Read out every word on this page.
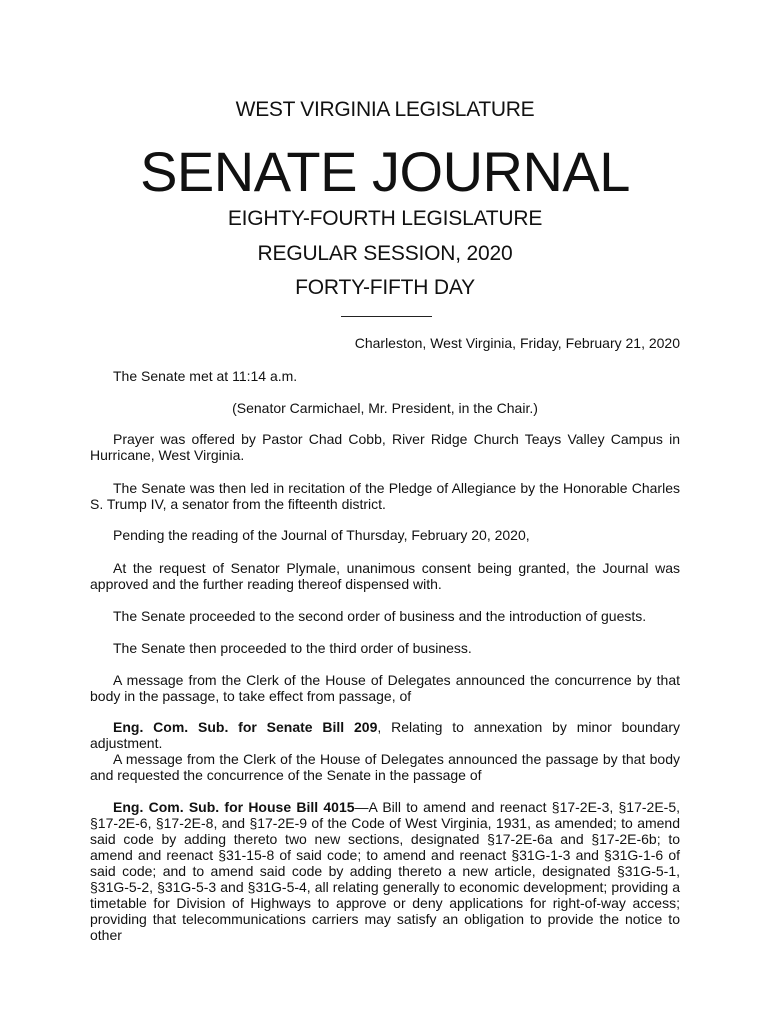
WEST VIRGINIA LEGISLATURE
SENATE JOURNAL
EIGHTY-FOURTH LEGISLATURE
REGULAR SESSION, 2020
FORTY-FIFTH DAY
Charleston, West Virginia, Friday, February 21, 2020
The Senate met at 11:14 a.m.
(Senator Carmichael, Mr. President, in the Chair.)
Prayer was offered by Pastor Chad Cobb, River Ridge Church Teays Valley Campus in Hurricane, West Virginia.
The Senate was then led in recitation of the Pledge of Allegiance by the Honorable Charles S. Trump IV, a senator from the fifteenth district.
Pending the reading of the Journal of Thursday, February 20, 2020,
At the request of Senator Plymale, unanimous consent being granted, the Journal was approved and the further reading thereof dispensed with.
The Senate proceeded to the second order of business and the introduction of guests.
The Senate then proceeded to the third order of business.
A message from the Clerk of the House of Delegates announced the concurrence by that body in the passage, to take effect from passage, of
Eng. Com. Sub. for Senate Bill 209, Relating to annexation by minor boundary adjustment.
A message from the Clerk of the House of Delegates announced the passage by that body and requested the concurrence of the Senate in the passage of
Eng. Com. Sub. for House Bill 4015—A Bill to amend and reenact §17-2E-3, §17-2E-5, §17-2E-6, §17-2E-8, and §17-2E-9 of the Code of West Virginia, 1931, as amended; to amend said code by adding thereto two new sections, designated §17-2E-6a and §17-2E-6b; to amend and reenact §31-15-8 of said code; to amend and reenact §31G-1-3 and §31G-1-6 of said code; and to amend said code by adding thereto a new article, designated §31G-5-1, §31G-5-2, §31G-5-3 and §31G-5-4, all relating generally to economic development; providing a timetable for Division of Highways to approve or deny applications for right-of-way access; providing that telecommunications carriers may satisfy an obligation to provide the notice to other
